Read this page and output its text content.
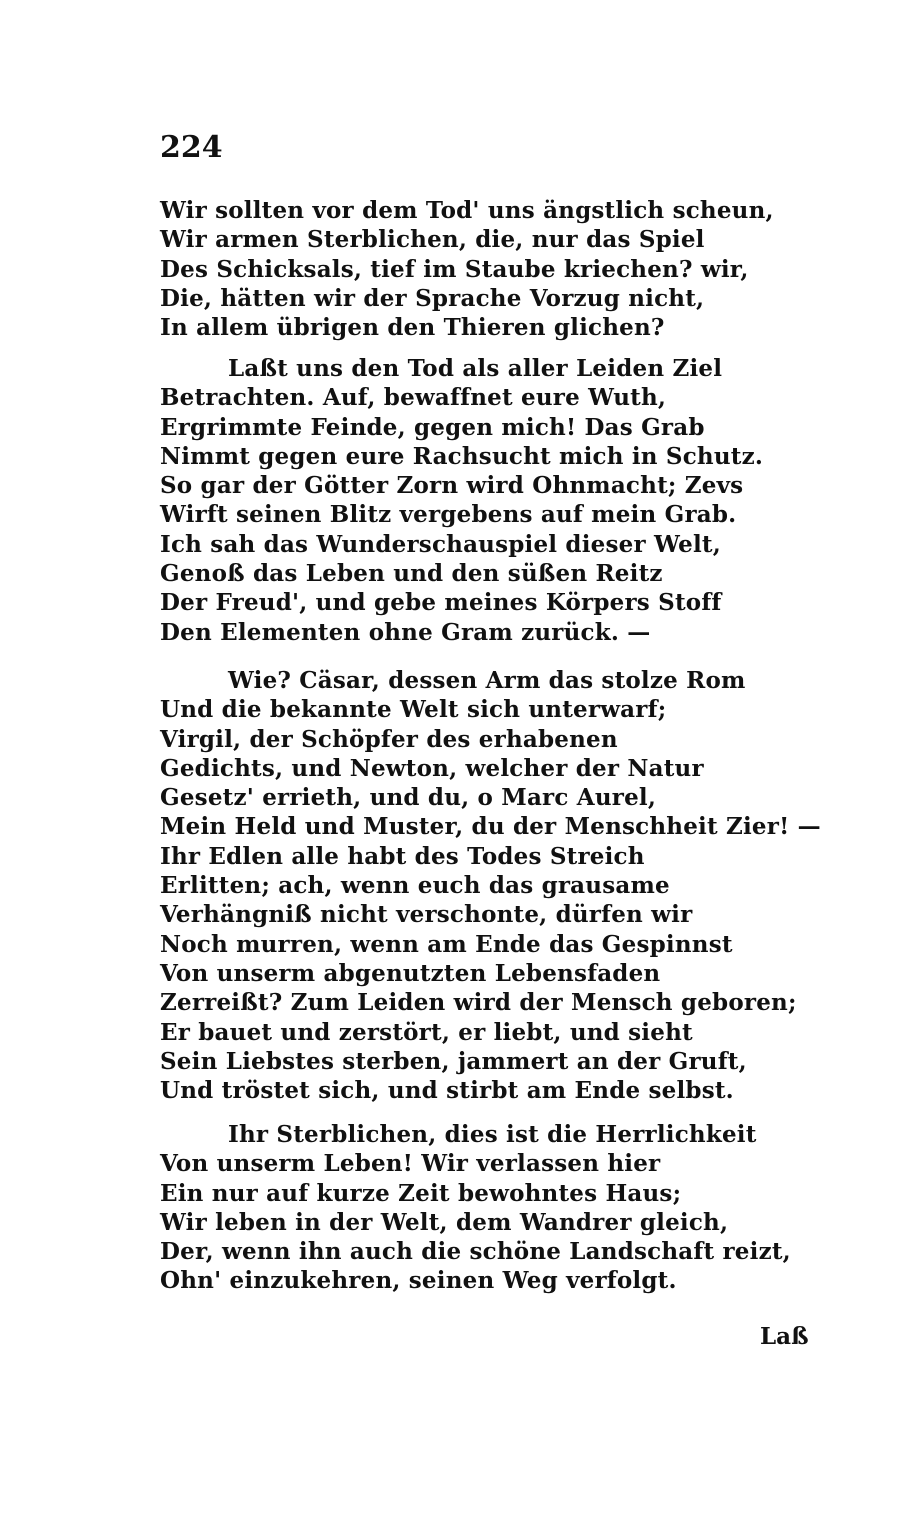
224
Wir sollten vor dem Tod' uns ängstlich scheun,
Wir armen Sterblichen, die, nur das Spiel
Des Schicksals, tief im Staube kriechen? wir,
Die, hätten wir der Sprache Vorzug nicht,
In allem übrigen den Thieren glichen?
Laßt uns den Tod als aller Leiden Ziel
Betrachten. Auf, bewaffnet eure Wuth,
Ergrimmte Feinde, gegen mich! Das Grab
Nimmt gegen eure Rachsucht mich in Schutz.
So gar der Götter Zorn wird Ohnmacht; Zevs
Wirft seinen Blitz vergebens auf mein Grab.
Ich sah das Wunderschauspiel dieser Welt,
Genoß das Leben und den süßen Reitz
Der Freud', und gebe meines Körpers Stoff
Den Elementen ohne Gram zurück. —
Wie? Cäsar, dessen Arm das stolze Rom
Und die bekannte Welt sich unterwarf;
Virgil, der Schöpfer des erhabenen
Gedichts, und Newton, welcher der Natur
Gesetz' errieth, und du, o Marc Aurel,
Mein Held und Muster, du der Menschheit Zier! —
Ihr Edlen alle habt des Todes Streich
Erlitten; ach, wenn euch das grausame
Verhängniß nicht verschonte, dürfen wir
Noch murren, wenn am Ende das Gespinnst
Von unserm abgenutzten Lebensfaden
Zerreißt? Zum Leiden wird der Mensch geboren;
Er bauet und zerstört, er liebt, und sieht
Sein Liebstes sterben, jammert an der Gruft,
Und tröstet sich, und stirbt am Ende selbst.
Ihr Sterblichen, dies ist die Herrlichkeit
Von unserm Leben! Wir verlassen hier
Ein nur auf kurze Zeit bewohntes Haus;
Wir leben in der Welt, dem Wandrer gleich,
Der, wenn ihn auch die schöne Landschaft reizt,
Ohn' einzukehren, seinen Weg verfolgt.
Laß
